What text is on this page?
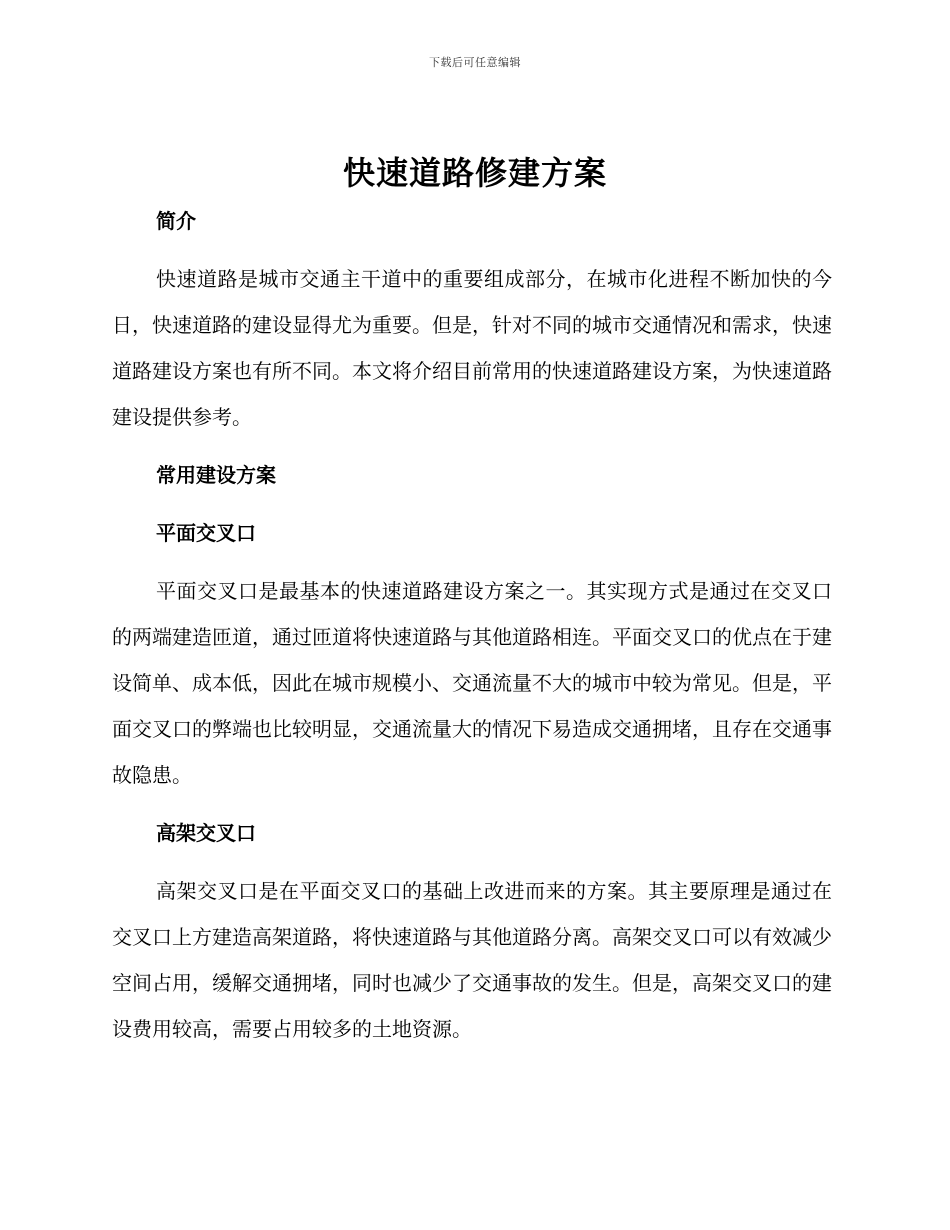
下载后可任意编辑
快速道路修建方案

简介

快速道路是城市交通主干道中的重要组成部分，在城市化进程不断加快的今日，快速道路的建设显得尤为重要。但是，针对不同的城市交通情况和需求，快速道路建设方案也有所不同。本文将介绍目前常用的快速道路建设方案，为快速道路建设提供参考。

常用建设方案

平面交叉口

平面交叉口是最基本的快速道路建设方案之一。其实现方式是通过在交叉口的两端建造匝道，通过匝道将快速道路与其他道路相连。平面交叉口的优点在于建设简单、成本低，因此在城市规模小、交通流量不大的城市中较为常见。但是，平面交叉口的弊端也比较明显，交通流量大的情况下易造成交通拥堵，且存在交通事故隐患。

高架交叉口

高架交叉口是在平面交叉口的基础上改进而来的方案。其主要原理是通过在交叉口上方建造高架道路，将快速道路与其他道路分离。高架交叉口可以有效减少空间占用，缓解交通拥堵，同时也减少了交通事故的发生。但是，高架交叉口的建设费用较高，需要占用较多的土地资源。
